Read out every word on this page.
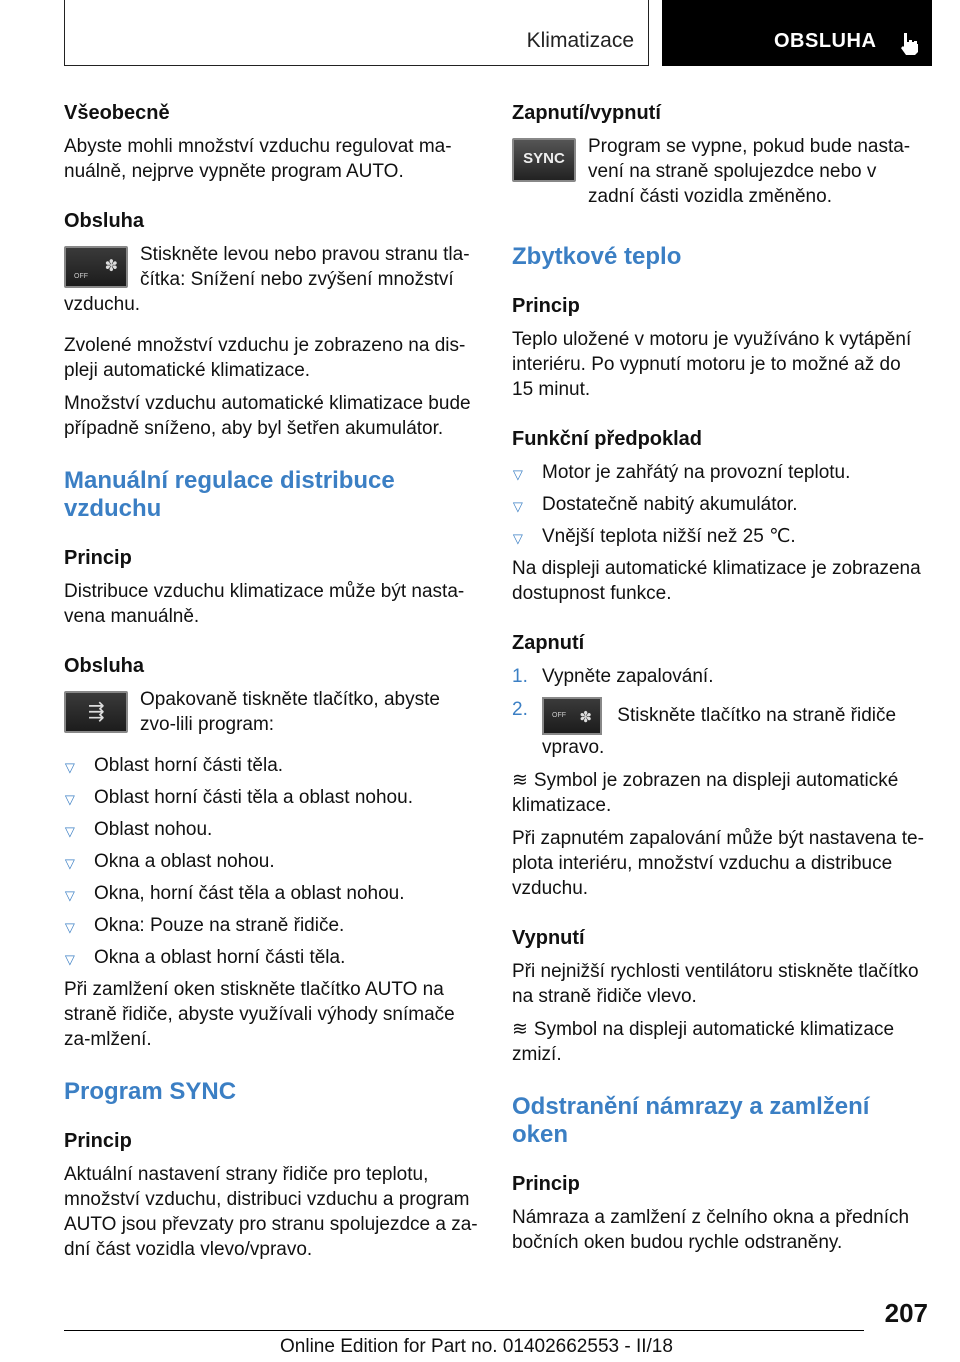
Klimatizace	OBSLUHA
Všeobecně

Abyste mohli množství vzduchu regulovat ma-nuálně, nejprve vypněte program AUTO.

Obsluha
OFF
✽

Stiskněte levou nebo pravou stranu tla-čítka: Snížení nebo zvýšení množství vzduchu.

Zvolené množství vzduchu je zobrazeno na dis-pleji automatické klimatizace.

Množství vzduchu automatické klimatizace bude případně sníženo, aby byl šetřen akumulátor.

Manuální regulace distribuce vzduchu
Princip

Distribuce vzduchu klimatizace může být nasta-vena manuálně.

Obsluha
⇶

Opakovaně tiskněte tlačítko, abyste zvo-lili program:

▷ Oblast horní části těla.
▷ Oblast horní části těla a oblast nohou.
▷ Oblast nohou.
▷ Okna a oblast nohou.
▷ Okna, horní část těla a oblast nohou.
▷ Okna: Pouze na straně řidiče.
▷ Okna a oblast horní části těla.

Při zamlžení oken stiskněte tlačítko AUTO na straně řidiče, abyste využívali výhody snímače za-mlžení.

Program SYNC
Princip

Aktuální nastavení strany řidiče pro teplotu, množství vzduchu, distribuci vzduchu a program AUTO jsou převzaty pro stranu spolujezdce a za-dní část vozidla vlevo/vpravo.

Zapnutí/vypnutí
SYNC

Program se vypne, pokud bude nasta-vení na straně spolujezdce nebo v zadní části vozidla změněno.

Zbytkové teplo
Princip

Teplo uložené v motoru je využíváno k vytápění interiéru. Po vypnutí motoru je to možné až do 15 minut.

Funkční předpoklad
▷ Motor je zahřátý na provozní teplotu.
▷ Dostatečně nabitý akumulátor.
▷ Vnější teplota nižší než 25 ℃.

Na displeji automatické klimatizace je zobrazena dostupnost funkce.

Zapnutí
1. Vypněte zapalování.
2.	OFF ✽ Stiskněte tlačítko na straně řidiče vpravo.

≋ Symbol je zobrazen na displeji automatické klimatizace.

Při zapnutém zapalování může být nastavena te-plota interiéru, množství vzduchu a distribuce vzduchu.

Vypnutí

Při nejnižší rychlosti ventilátoru stiskněte tlačítko na straně řidiče vlevo.

≋ Symbol na displeji automatické klimatizace zmizí.

Odstranění námrazy a zamlžení oken
Princip

Námraza a zamlžení z čelního okna a předních bočních oken budou rychle odstraněny.

207
Online Edition for Part no. 01402662553 - II/18
